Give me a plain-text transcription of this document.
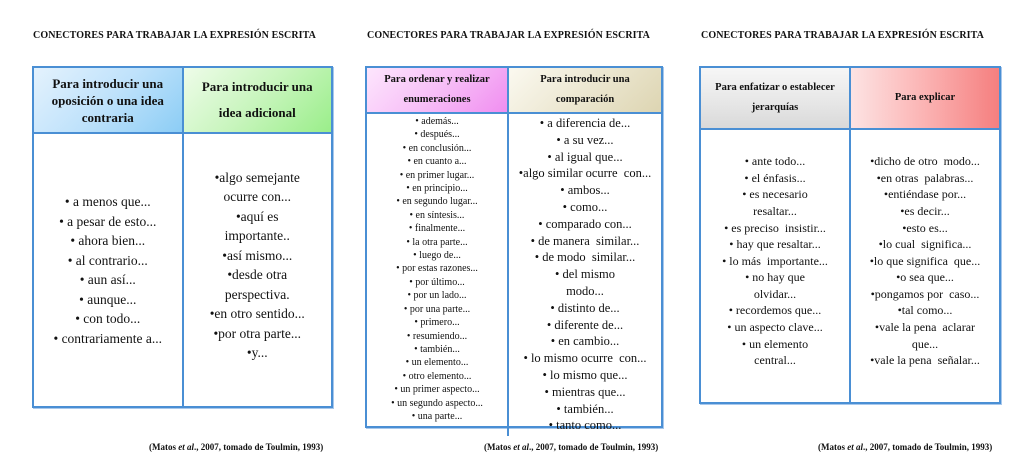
CONECTORES PARA TRABAJAR LA EXPRESIÓN ESCRITA
Para introducir una oposición o una idea contraria
Para introducir una idea adicional
• a menos que...
• a pesar de esto...
• ahora bien...
• al contrario...
• aun así...
• aunque...
• con todo...
• contrariamente a...
•algo semejante
ocurre con...
•aquí es
importante..
•así mismo...
•desde otra
perspectiva.
•en otro sentido...
•por otra parte...
•y...
(Matos et al., 2007, tomado de Toulmin, 1993)
CONECTORES PARA TRABAJAR LA EXPRESIÓN ESCRITA
Para ordenar y realizar enumeraciones
Para introducir una comparación
• además...
• después...
• en conclusión...
• en cuanto a...
• en primer lugar...
• en principio...
• en segundo lugar...
• en síntesis...
• finalmente...
• la otra parte...
• luego de...
• por estas razones...
• por último...
• por un lado...
• por una parte...
• primero...
• resumiendo...
• también...
• un elemento...
• otro elemento...
• un primer aspecto...
• un segundo aspecto...
• una parte...
• a diferencia de...
• a su vez...
• al igual que...
•algo similar ocurre  con...
• ambos...
• como...
• comparado con...
• de manera  similar...
• de modo  similar...
• del mismo
modo...
• distinto de...
• diferente de...
• en cambio...
• lo mismo ocurre  con...
• lo mismo que...
• mientras que...
• también...
• tanto como...
(Matos et al., 2007, tomado de Toulmin, 1993)
CONECTORES PARA TRABAJAR LA EXPRESIÓN ESCRITA
Para enfatizar o establecer jerarquías
Para explicar
• ante todo...
• el énfasis...
• es necesario
resaltar...
• es preciso  insistir...
• hay que resaltar...
• lo más  importante...
• no hay que
olvidar...
• recordemos que...
• un aspecto clave...
• un elemento
central...
•dicho de otro  modo...
•en otras  palabras...
•entiéndase por...
•es decir...
•esto es...
•lo cual  significa...
•lo que significa  que...
•o sea que...
•pongamos por  caso...
•tal como...
•vale la pena  aclarar
que...
•vale la pena  señalar...
(Matos et al., 2007, tomado de Toulmin, 1993)
